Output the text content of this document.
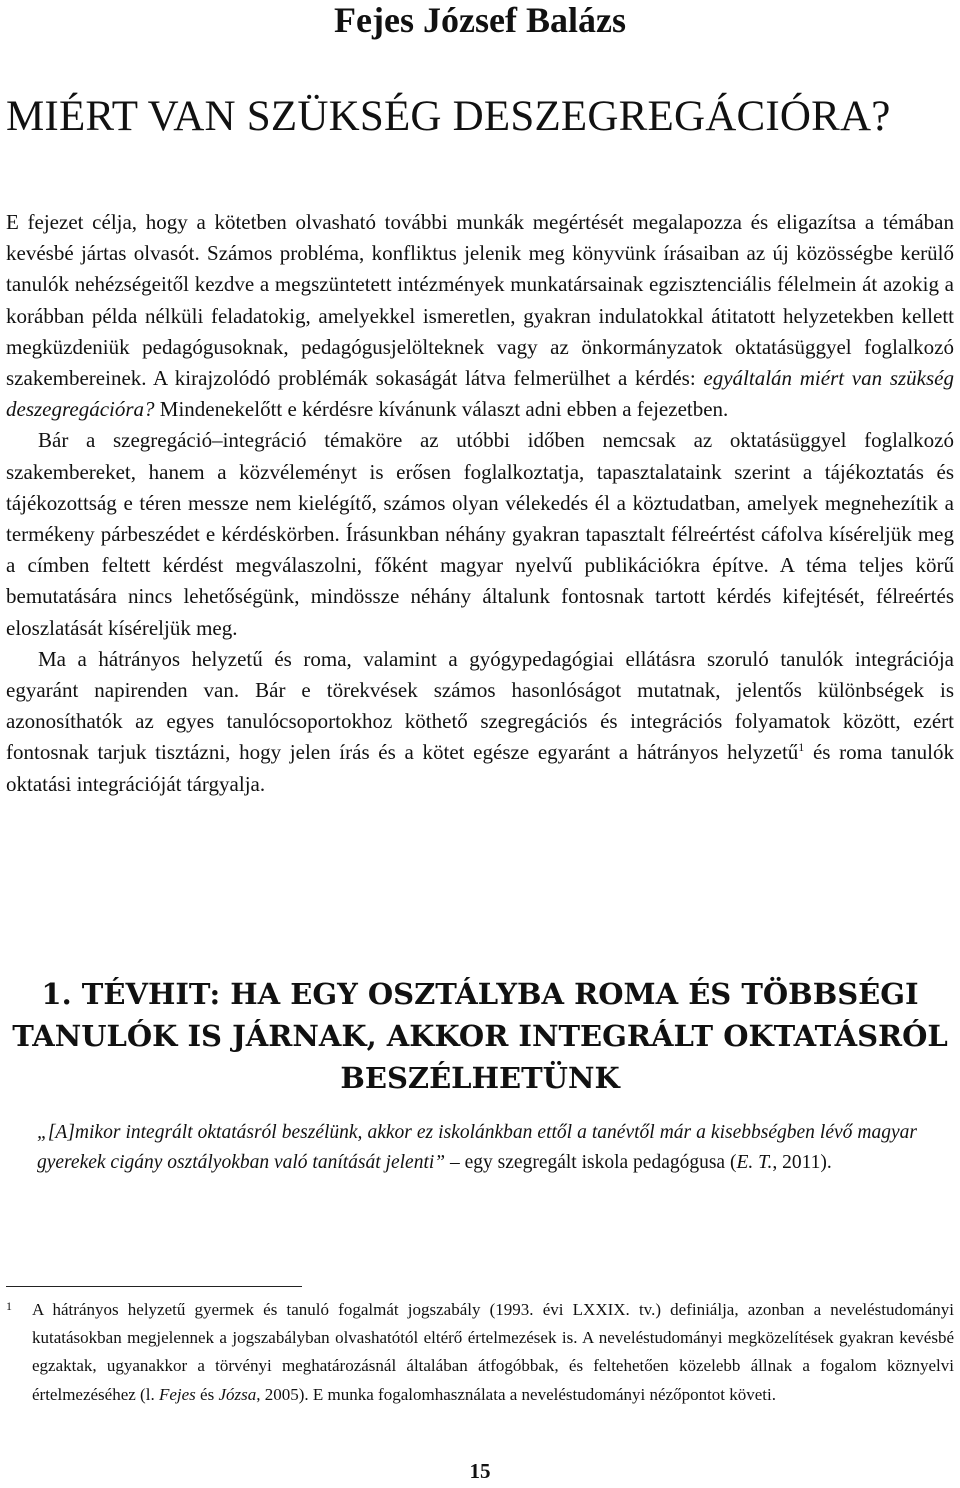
Fejes József Balázs
MIÉRT VAN SZÜKSÉG DESZEGREGÁCIÓRA?

E fejezet célja, hogy a kötetben olvasható további munkák megértését megalapozza és eligazítsa a témában kevésbé jártas olvasót. Számos probléma, konfliktus jelenik meg könyvünk írásaiban az új közösségbe kerülő tanulók nehézségeitől kezdve a megszüntetett intézmények munkatársainak egzisztenciális félelmein át azokig a korábban példa nélküli feladatokig, amelyekkel ismeretlen, gyakran indulatokkal átitatott helyzetekben kellett megküzdeniük pedagógusoknak, pedagógusjelölteknek vagy az önkormányzatok oktatásüggyel foglalkozó szakembereinek. A kirajzolódó problémák sokaságát látva felmerülhet a kérdés: egyáltalán miért van szükség deszegregációra? Mindenekelőtt e kérdésre kívánunk választ adni ebben a fejezetben.

Bár a szegregáció–integráció témaköre az utóbbi időben nemcsak az oktatásüggyel foglalkozó szakembereket, hanem a közvéleményt is erősen foglalkoztatja, tapasztalataink szerint a tájékoztatás és tájékozottság e téren messze nem kielégítő, számos olyan vélekedés él a köztudatban, amelyek megnehezítik a termékeny párbeszédet e kérdéskörben. Írásunkban néhány gyakran tapasztalt félreértést cáfolva kíséreljük meg a címben feltett kérdést megválaszolni, főként magyar nyelvű publikációkra építve. A téma teljes körű bemutatására nincs lehetőségünk, mindössze néhány általunk fontosnak tartott kérdés kifejtését, félreértés eloszlatását kíséreljük meg.

Ma a hátrányos helyzetű és roma, valamint a gyógypedagógiai ellátásra szoruló tanulók integrációja egyaránt napirenden van. Bár e törekvések számos hasonlóságot mutatnak, jelentős különbségek is azonosíthatók az egyes tanulócsoportokhoz köthető szegregációs és integrációs folyamatok között, ezért fontosnak tarjuk tisztázni, hogy jelen írás és a kötet egésze egyaránt a hátrányos helyzetű$^1$ és roma tanulók oktatási integrációját tárgyalja.

1. TÉVHIT: HA EGY OSZTÁLYBA ROMA ÉS TÖBBSÉGI
TANULÓK IS JÁRNAK, AKKOR INTEGRÁLT OKTATÁSRÓL
BESZÉLHETÜNK

„[A]mikor integrált oktatásról beszélünk, akkor ez iskolánkban ettől a tanévtől már a kisebbségben lévő magyar gyerekek cigány osztályokban való tanítását jelenti” – egy szegregált iskola pedagógusa (E. T., 2011).

1 A hátrányos helyzetű gyermek és tanuló fogalmát jogszabály (1993. évi LXXIX. tv.) definiálja, azonban a neveléstudományi kutatásokban megjelennek a jogszabályban olvashatótól eltérő értelmezések is. A neveléstudományi megközelítések gyakran kevésbé egzaktak, ugyanakkor a törvényi meghatározásnál általában átfogóbbak, és feltehetően közelebb állnak a fogalom köznyelvi értelmezéséhez (l. Fejes és Józsa, 2005). E munka fogalomhasználata a neveléstudományi nézőpontot követi.
15
